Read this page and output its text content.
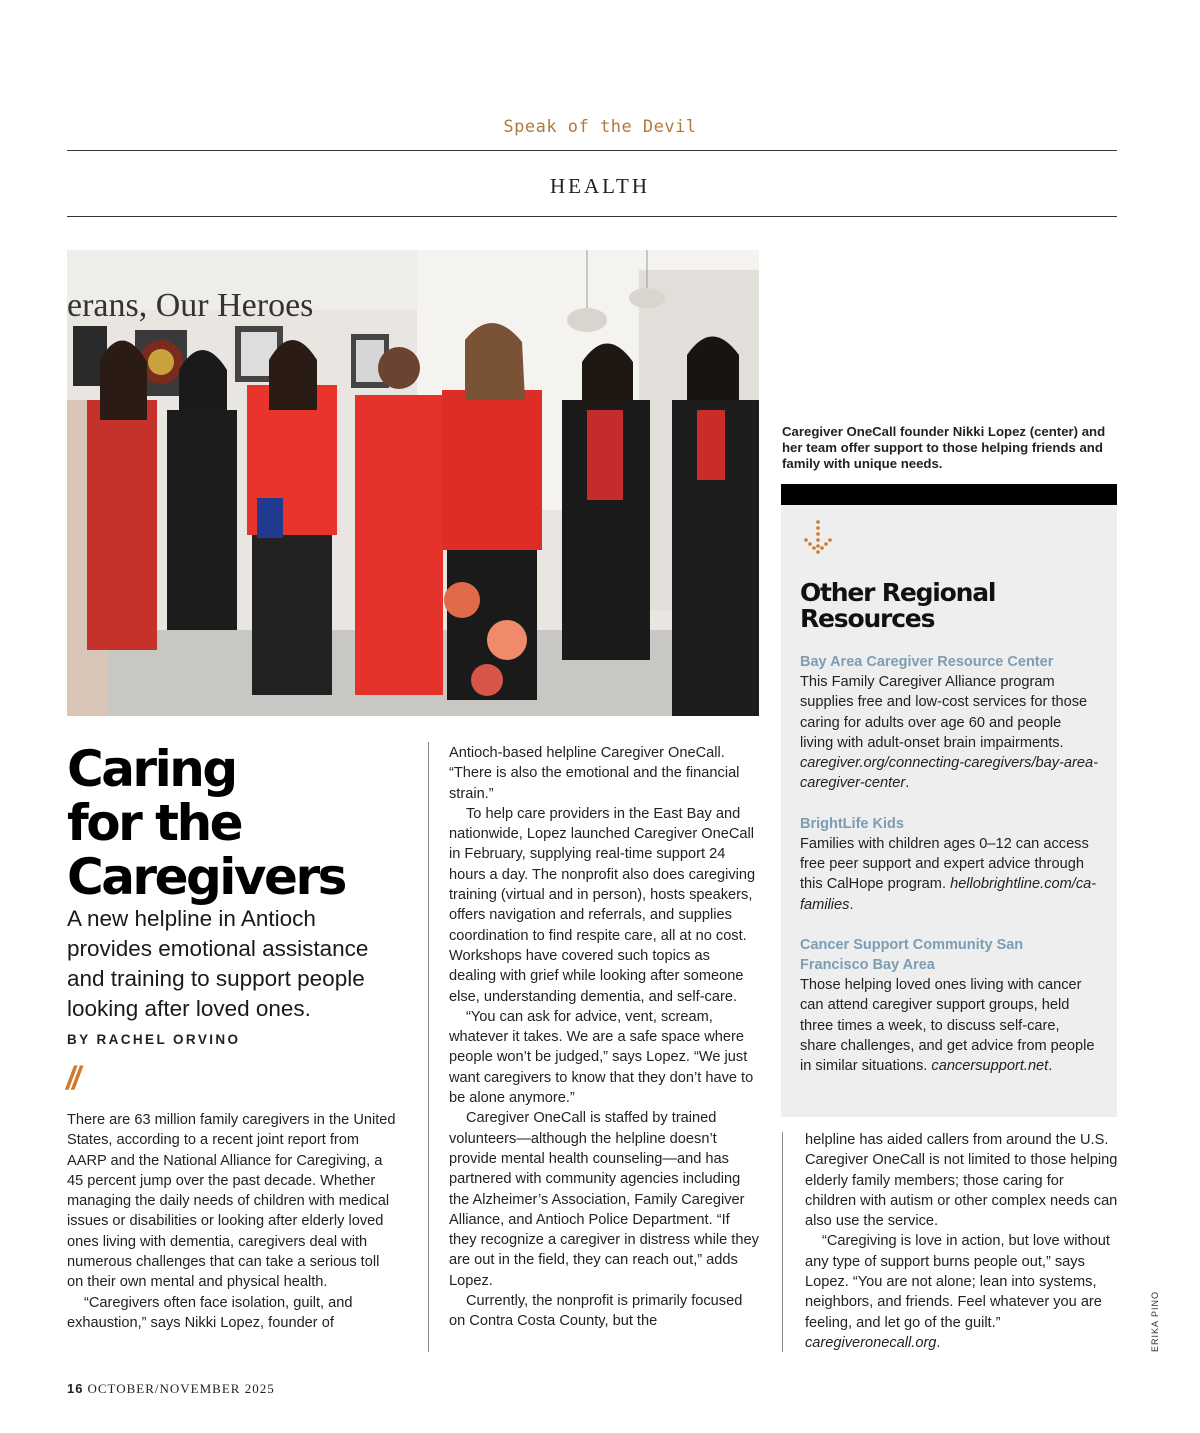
Speak of the Devil
HEALTH
erans, Our Heroes
Caregiver OneCall founder Nikki Lopez (center) and her team offer support to those helping friends and family with unique needs.
Other Regional
Resources
Bay Area Caregiver Resource Center
This Family Caregiver Alliance program supplies free and low-cost services for those caring for adults over age 60 and people living with adult-onset brain impairments. caregiver.org/connecting-caregivers/bay-area-caregiver-center.
BrightLife Kids
Families with children ages 0–12 can access free peer support and expert advice through this CalHope program. hellobrightline.com/ca-families.
Cancer Support Community San Francisco Bay Area
Those helping loved ones living with cancer can attend caregiver support groups, held three times a week, to discuss self-care, share challenges, and get advice from people in similar situations. cancersupport.net.
Caring
for the
Caregivers
A new helpline in Antioch provides emotional assistance and training to support people looking after loved ones.
BY RACHEL ORVINO
//

There are 63 million family caregivers in the United States, according to a recent joint report from AARP and the National Alliance for Caregiving, a 45 percent jump over the past decade. Whether managing the daily needs of children with medical issues or disabilities or looking after elderly loved ones living with dementia, caregivers deal with numerous challenges that can take a serious toll on their own mental and physical health.

“Caregivers often face isolation, guilt, and exhaustion,” says Nikki Lopez, founder of

Antioch-based helpline Caregiver OneCall. “There is also the emotional and the financial strain.”

To help care providers in the East Bay and nationwide, Lopez launched Caregiver OneCall in February, supplying real-time support 24 hours a day. The nonprofit also does caregiving training (virtual and in person), hosts speakers, offers navigation and referrals, and supplies coordination to find respite care, all at no cost. Workshops have covered such topics as dealing with grief while looking after someone else, understanding dementia, and self-care.

“You can ask for advice, vent, scream, whatever it takes. We are a safe space where people won’t be judged,” says Lopez. “We just want caregivers to know that they don’t have to be alone anymore.”

Caregiver OneCall is staffed by trained volunteers—although the helpline doesn’t provide mental health counseling—and has partnered with community agencies including the Alzheimer’s Association, Family Caregiver Alliance, and Antioch Police Department. “If they recognize a caregiver in distress while they are out in the field, they can reach out,” adds Lopez.

Currently, the nonprofit is primarily focused on Contra Costa County, but the

helpline has aided callers from around the U.S. Caregiver OneCall is not limited to those helping elderly family members; those caring for children with autism or other complex needs can also use the service.

“Caregiving is love in action, but love without any type of support burns people out,” says Lopez. “You are not alone; lean into systems, neighbors, and friends. Feel whatever you are feeling, and let go of the guilt.”

caregiveronecall.org.	ERIKA PINO
16 OCTOBER/NOVEMBER 2025
